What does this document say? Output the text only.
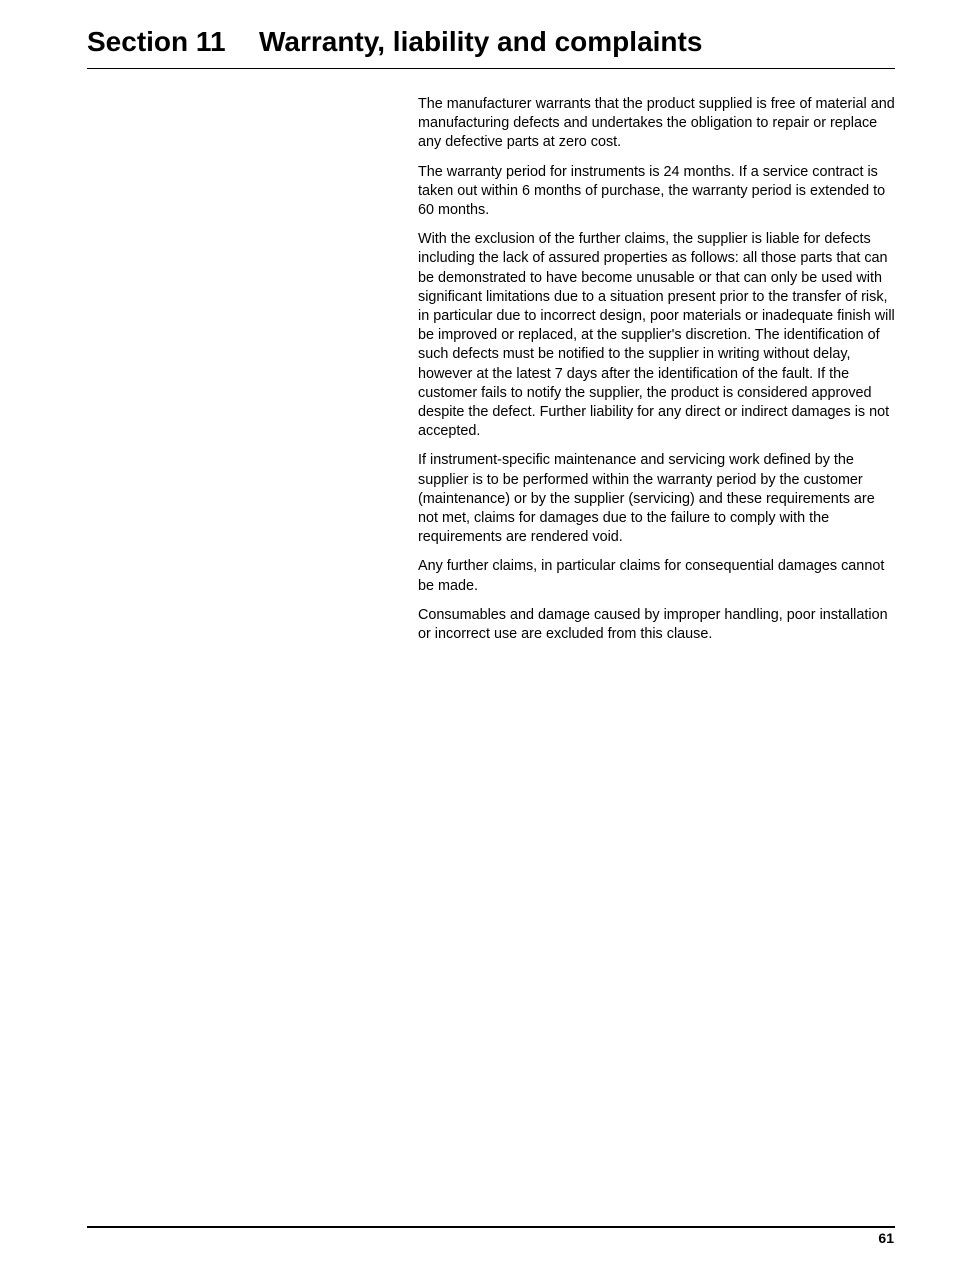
Section 11 Warranty, liability and complaints

The manufacturer warrants that the product supplied is free of material and manufacturing defects and undertakes the obligation to repair or replace any defective parts at zero cost.

The warranty period for instruments is 24 months. If a service contract is taken out within 6 months of purchase, the warranty period is extended to 60 months.

With the exclusion of the further claims, the supplier is liable for defects including the lack of assured properties as follows: all those parts that can be demonstrated to have become unusable or that can only be used with significant limitations due to a situation present prior to the transfer of risk, in particular due to incorrect design, poor materials or inadequate finish will be improved or replaced, at the supplier's discretion. The identification of such defects must be notified to the supplier in writing without delay, however at the latest 7 days after the identification of the fault. If the customer fails to notify the supplier, the product is considered approved despite the defect. Further liability for any direct or indirect damages is not accepted.

If instrument-specific maintenance and servicing work defined by the supplier is to be performed within the warranty period by the customer (maintenance) or by the supplier (servicing) and these requirements are not met, claims for damages due to the failure to comply with the requirements are rendered void.

Any further claims, in particular claims for consequential damages cannot be made.

Consumables and damage caused by improper handling, poor installation or incorrect use are excluded from this clause.

61
